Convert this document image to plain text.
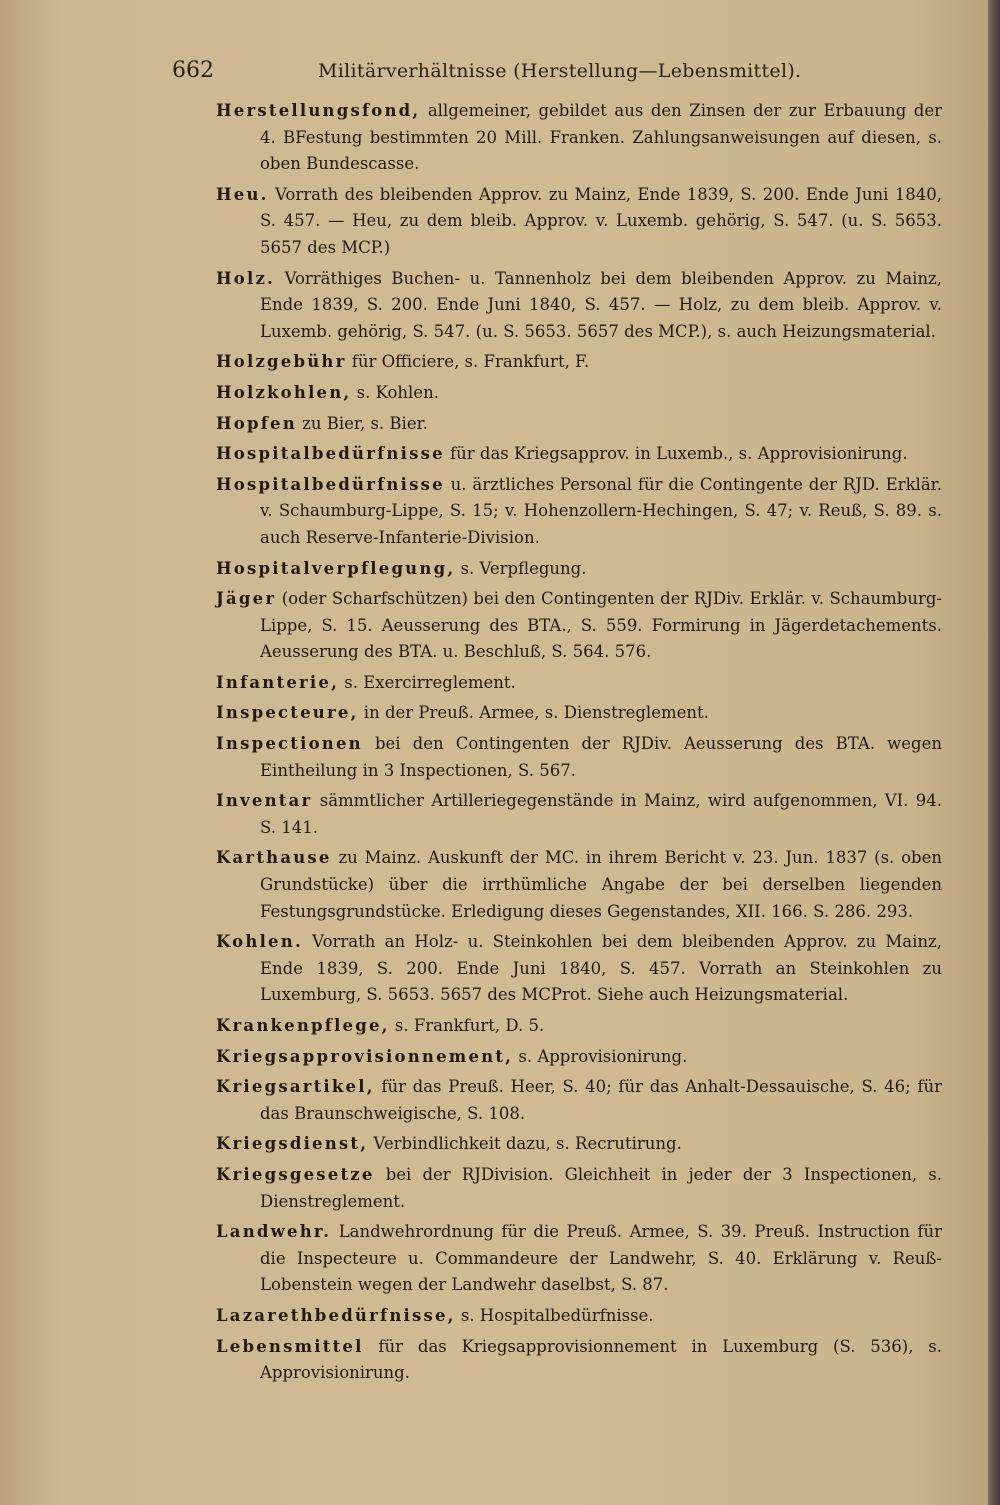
662	Militärverhältnisse (Herstellung—Lebensmittel).

Herstellungsfond, allgemeiner, gebildet aus den Zinsen der zur Erbauung der 4. BFestung bestimmten 20 Mill. Franken. Zahlungsanweisungen auf diesen, s. oben Bundescasse.

Heu. Vorrath des bleibenden Approv. zu Mainz, Ende 1839, S. 200. Ende Juni 1840, S. 457. — Heu, zu dem bleib. Approv. v. Luxemb. gehörig, S. 547. (u. S. 5653. 5657 des MCP.)

Holz. Vorräthiges Buchen- u. Tannenholz bei dem bleibenden Approv. zu Mainz, Ende 1839, S. 200. Ende Juni 1840, S. 457. — Holz, zu dem bleib. Approv. v. Luxemb. gehörig, S. 547. (u. S. 5653. 5657 des MCP.), s. auch Heizungsmaterial.

Holzgebühr für Officiere, s. Frankfurt, F.

Holzkohlen, s. Kohlen.

Hopfen zu Bier, s. Bier.

Hospitalbedürfnisse für das Kriegsapprov. in Luxemb., s. Approvisionirung.

Hospitalbedürfnisse u. ärztliches Personal für die Contingente der RJD. Erklär. v. Schaumburg-Lippe, S. 15; v. Hohenzollern-Hechingen, S. 47; v. Reuß, S. 89. s. auch Reserve-Infanterie-Division.

Hospitalverpflegung, s. Verpflegung.

Jäger (oder Scharfschützen) bei den Contingenten der RJDiv. Erklär. v. Schaumburg-Lippe, S. 15. Aeusserung des BTA., S. 559. Formirung in Jägerdetachements. Aeusserung des BTA. u. Beschluß, S. 564. 576.

Infanterie, s. Exercirreglement.

Inspecteure, in der Preuß. Armee, s. Dienstreglement.

Inspectionen bei den Contingenten der RJDiv. Aeusserung des BTA. wegen Eintheilung in 3 Inspectionen, S. 567.

Inventar sämmtlicher Artilleriegegenstände in Mainz, wird aufgenommen, VI. 94. S. 141.

Karthause zu Mainz. Auskunft der MC. in ihrem Bericht v. 23. Jun. 1837 (s. oben Grundstücke) über die irrthümliche Angabe der bei derselben liegenden Festungsgrundstücke. Erledigung dieses Gegenstandes, XII. 166. S. 286. 293.

Kohlen. Vorrath an Holz- u. Steinkohlen bei dem bleibenden Approv. zu Mainz, Ende 1839, S. 200. Ende Juni 1840, S. 457. Vorrath an Steinkohlen zu Luxemburg, S. 5653. 5657 des MCProt. Siehe auch Heizungsmaterial.

Krankenpflege, s. Frankfurt, D. 5.

Kriegsapprovisionnement, s. Approvisionirung.

Kriegsartikel, für das Preuß. Heer, S. 40; für das Anhalt-Dessauische, S. 46; für das Braunschweigische, S. 108.

Kriegsdienst, Verbindlichkeit dazu, s. Recrutirung.

Kriegsgesetze bei der RJDivision. Gleichheit in jeder der 3 Inspectionen, s. Dienstreglement.

Landwehr. Landwehrordnung für die Preuß. Armee, S. 39. Preuß. Instruction für die Inspecteure u. Commandeure der Landwehr, S. 40. Erklärung v. Reuß-Lobenstein wegen der Landwehr daselbst, S. 87.

Lazarethbedürfnisse, s. Hospitalbedürfnisse.

Lebensmittel für das Kriegsapprovisionnement in Luxemburg (S. 536), s. Approvisionirung.
